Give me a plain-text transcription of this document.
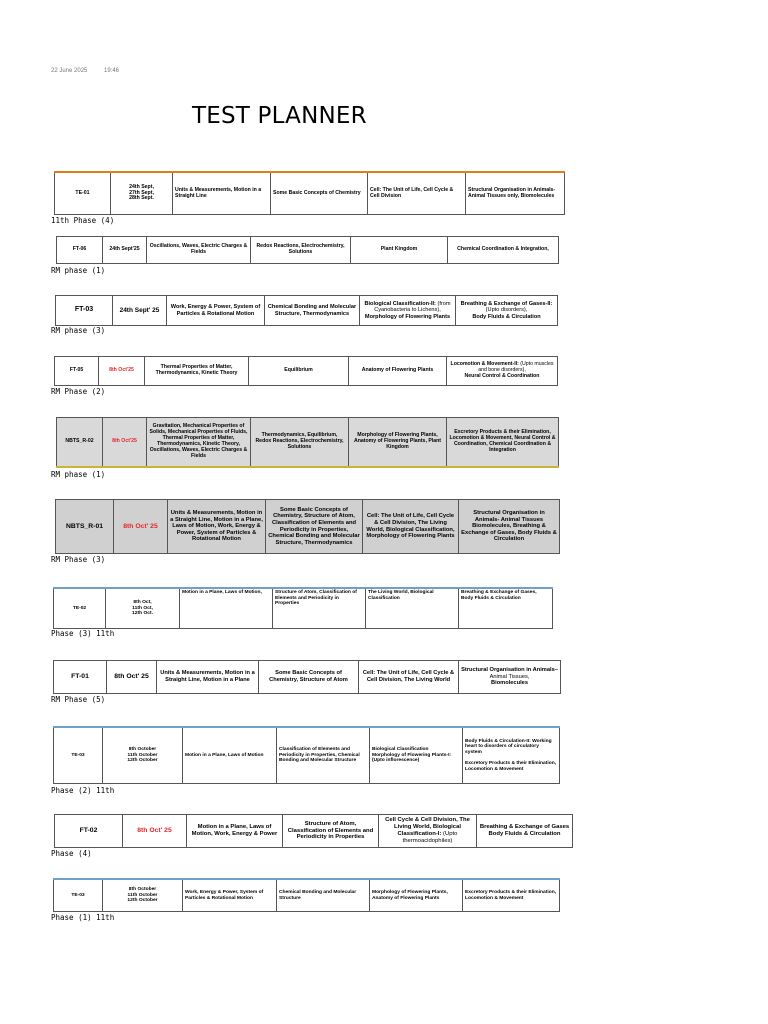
22 June 2025	19:46
TEST PLANNER
TE-01	24th Sept,
27th Sept,
28th Sept.	Units & Measurements, Motion in a Straight Line	Some Basic Concepts of Chemistry	Cell: The Unit of Life, Cell Cycle & Cell Division	Structural Organisation in Animals-Animal Tissues only, Biomolecules
11th Phase (4)
FT-06	24th Sept'25	Oscillations, Waves, Electric Charges & Fields	Redox Reactions, Electrochemistry, Solutions	Plant Kingdom	Chemical Coordination & Integration,
RM phase (1)
FT-03	24th Sept' 25	Work, Energy & Power, System of Particles & Rotational Motion	Chemical Bonding and Molecular Structure, Thermodynamics	Biological Classification-II: (from Cyanobacteria to Lichens),
Morphology of Flowering Plants	Breathing & Exchange of Gases-II:
(Upto disorders),
Body Fluids & Circulation
RM phase (3)
FT-05	8th Oct'25	Thermal Properties of Matter, Thermodynamics, Kinetic Theory	Equilibrium	Anatomy of Flowering Plants	Locomotion & Movement-II: (Upto muscles and bone disorders),
Neural Control & Coordination
RM Phase (2)
NBTS_R-02	8th Oct'25	Gravitation, Mechanical Properties of Solids, Mechanical Properties of Fluids, Thermal Properties of Matter, Thermodynamics, Kinetic Theory, Oscillations, Waves, Electric Charges & Fields	Thermodynamics, Equilibrium, Redox Reactions, Electrochemistry, Solutions	Morphology of Flowering Plants, Anatomy of Flowering Plants, Plant Kingdom	Excretory Products & their Elimination, Locomotion & Movement, Neural Control & Coordination, Chemical Coordination & Integration
RM phase (1)
NBTS_R-01	8th Oct' 25	Units & Measurements, Motion in a Straight Line, Motion in a Plane, Laws of Motion, Work, Energy & Power, System of Particles & Rotational Motion	Some Basic Concepts of Chemistry, Structure of Atom, Classification of Elements and Periodicity in Properties, Chemical Bonding and Molecular Structure, Thermodynamics	Cell: The Unit of Life, Cell Cycle & Cell Division, The Living World, Biological Classification, Morphology of Flowering Plants	Structural Organisation in Animals- Animal Tissues Biomolecules, Breathing & Exchange of Gases, Body Fluids & Circulation
RM Phase (3)
TE-02	8th Oct,
11th Oct,
12th Oct.	Motion in a Plane, Laws of Motion,	Structure of Atom, Classification of Elements and Periodicity in Properties	The Living World, Biological Classification	Breathing & Exchange of Gases, Body Fluids & Circulation
Phase (3) 11th
FT-01	8th Oct' 25	Units & Measurements, Motion in a Straight Line, Motion in a Plane	Some Basic Concepts of Chemistry, Structure of Atom	Cell: The Unit of Life, Cell Cycle & Cell Division, The Living World	Structural Organisation in Animals– Animal Tissues,
Biomolecules
RM Phase (5)
TE-03	8th October
11th October
12th October	Motion in a Plane, Laws of Motion	Classification of Elements and Periodicity in Properties, Chemical Bonding and Molecular Structure	Biological Classification
Morphology of Flowering Plants-I:
(Upto inflorescence)	Body Fluids & Circulation-II: Working heart to disorders of circulatory system

Excretory Products & their Elimination, Locomotion & Movement
Phase (2) 11th
FT-02	8th Oct' 25	Motion in a Plane, Laws of Motion, Work, Energy & Power	Structure of Atom, Classification of Elements and Periodicity in Properties	Cell Cycle & Cell Division, The Living World, Biological Classification-I: (Upto thermoacidophiles)	Breathing & Exchange of Gases Body Fluids & Circulation
Phase (4)
TE-03	8th October
11th October
12th October	Work, Energy & Power, System of Particles & Rotational Motion	Chemical Bonding and Molecular Structure	Morphology of Flowering Plants, Anatomy of Flowering Plants	Excretory Products & their Elimination, Locomotion & Movement
Phase (1) 11th
